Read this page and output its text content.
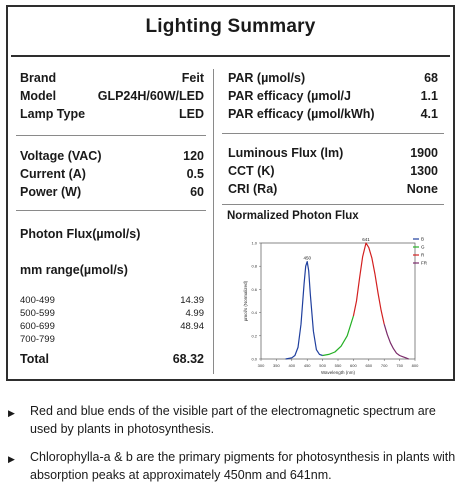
Lighting Summary
Brand	Feit
Model	GLP24H/60W/LED
Lamp Type	LED
Voltage (VAC)	120
Current (A)	0.5
Power (W)	60
Photon Flux(µmol/s)
mm range(µmol/s)
400-499	14.39
500-599	4.99
600-699	48.94
700-799
Total	68.32
PAR (µmol/s)	68
PAR efficacy (µmol/J	1.1
PAR efficacy (µmol/kWh)	4.1
Luminous Flux (lm)	1900
CCT (K)	1300
CRI (Ra)	None
Normalized Photon Flux
300 350 400 450 500 550 600 650 700 750 800
0.0
0.2
0.4
0.6
0.8
1.0
Wavelength (nm)
µmol/s (Normalized)
450
641	B
G
R
FR
▶	Red and blue ends of the visible part of the electromagnetic spectrum are used by plants in photosynthesis.
▶	Chlorophylla-a & b are the primary pigments for photosynthesis in plants with absorption peaks at approximately 450nm and 641nm.
